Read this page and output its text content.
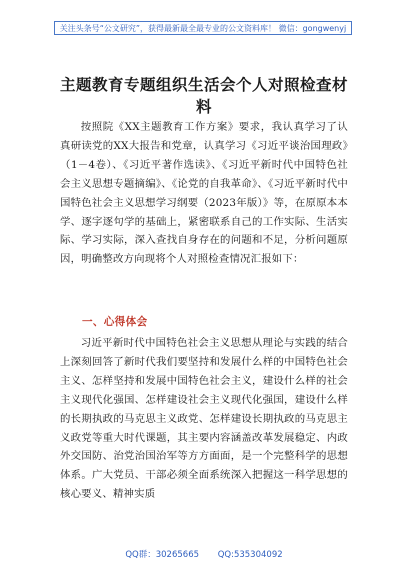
关注头条号“公文研究”，获得最新最全最专业的公文资料库！ 微信：gongwenyj
主题教育专题组织生活会个人对照检查材料

按照院《XX主题教育工作方案》要求，我认真学习了认真研读党的XX大报告和党章，认真学习《习近平谈治国理政》（1－4卷）、《习近平著作选读》、《习近平新时代中国特色社会主义思想专题摘编》、《论党的自我革命》、《习近平新时代中国特色社会主义思想学习纲要（2023年版）》等，在原原本本学、逐字逐句学的基础上，紧密联系自己的工作实际、生活实际、学习实际，深入查找自身存在的问题和不足，分析问题原因，明确整改方向现将个人对照检查情况汇报如下：

一、心得体会

习近平新时代中国特色社会主义思想从理论与实践的结合上深刻回答了新时代我们要坚持和发展什么样的中国特色社会主义、怎样坚持和发展中国特色社会主义，建设什么样的社会主义现代化强国、怎样建设社会主义现代化强国，建设什么样的长期执政的马克思主义政党、怎样建设长期执政的马克思主义政党等重大时代课题，其主要内容涵盖改革发展稳定、内政外交国防、治党治国治军等方方面面，是一个完整科学的思想体系。广大党员、干部必须全面系统深入把握这一科学思想的核心要义、精神实质

QQ群：30265665 QQ:535304092
